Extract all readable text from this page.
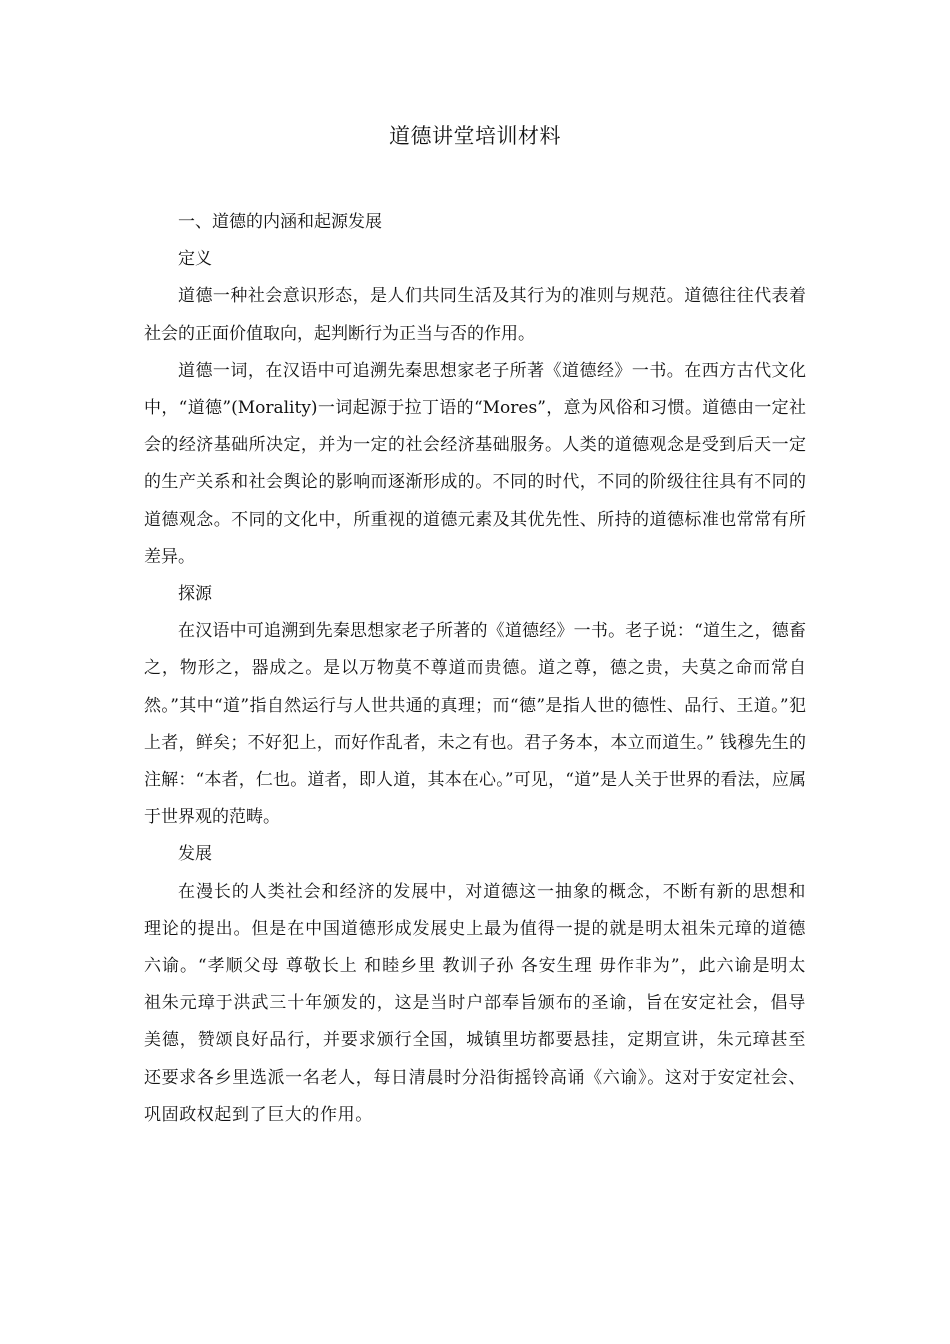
道德讲堂培训材料

一、道德的内涵和起源发展

定义

道德一种社会意识形态，是人们共同生活及其行为的准则与规范。道德往往代表着社会的正面价值取向，起判断行为正当与否的作用。

道德一词，在汉语中可追溯先秦思想家老子所著《道德经》一书。在西方古代文化中，“道德”(Morality)一词起源于拉丁语的“Mores”，意为风俗和习惯。道德由一定社会的经济基础所决定，并为一定的社会经济基础服务。人类的道德观念是受到后天一定的生产关系和社会舆论的影响而逐渐形成的。不同的时代，不同的阶级往往具有不同的道德观念。不同的文化中，所重视的道德元素及其优先性、所持的道德标准也常常有所差异。

探源

在汉语中可追溯到先秦思想家老子所著的《道德经》一书。老子说：“道生之，德畜之，物形之，器成之。是以万物莫不尊道而贵德。道之尊，德之贵，夫莫之命而常自然。”其中“道”指自然运行与人世共通的真理；而“德”是指人世的德性、品行、王道。”犯上者，鲜矣；不好犯上，而好作乱者，未之有也。君子务本，本立而道生。” 钱穆先生的注解：“本者，仁也。道者，即人道，其本在心。”可见，“道”是人关于世界的看法，应属于世界观的范畴。

发展

在漫长的人类社会和经济的发展中，对道德这一抽象的概念，不断有新的思想和理论的提出。但是在中国道德形成发展史上最为值得一提的就是明太祖朱元璋的道德六谕。“孝顺父母 尊敬长上 和睦乡里 教训子孙 各安生理 毋作非为”，此六谕是明太祖朱元璋于洪武三十年颁发的，这是当时户部奉旨颁布的圣谕，旨在安定社会，倡导美德，赞颂良好品行，并要求颁行全国，城镇里坊都要悬挂，定期宣讲，朱元璋甚至还要求各乡里选派一名老人，每日清晨时分沿街摇铃高诵《六谕》。这对于安定社会、巩固政权起到了巨大的作用。
